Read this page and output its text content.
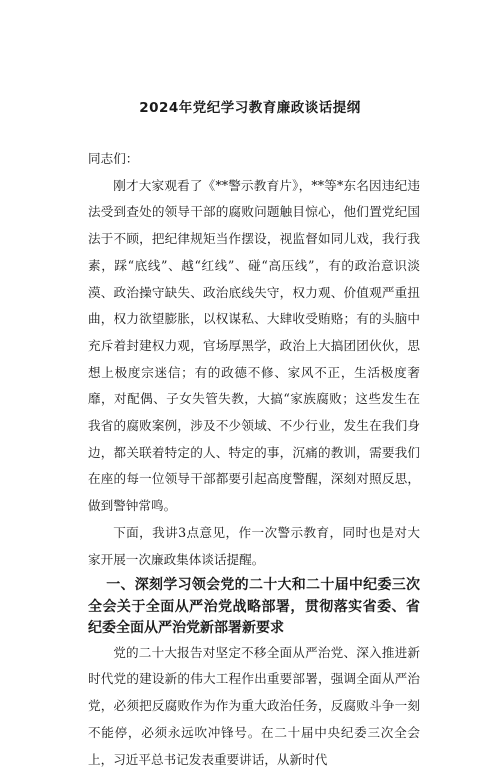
2024年党纪学习教育廉政谈话提纲

同志们：

刚才大家观看了《**警示教育片》，**等*东名因违纪违法受到查处的领导干部的腐败问题触目惊心，他们置党纪国法于不顾，把纪律规矩当作摆设，视监督如同儿戏，我行我素，踩“底线”、越“红线”、碰“高压线”，有的政治意识淡漠、政治操守缺失、政治底线失守，权力观、价值观严重扭曲，权力欲望膨胀，以权谋私、大肆收受贿赂；有的头脑中充斥着封建权力观，官场厚黑学，政治上大搞团团伙伙，思想上极度宗迷信；有的政德不修、家风不正，生活极度奢靡，对配偶、子女失管失教，大搞“家族腐败；这些发生在我省的腐败案例，涉及不少领域、不少行业，发生在我们身边，都关联着特定的人、特定的事，沉痛的教训，需要我们在座的每一位领导干部都要引起高度警醒，深刻对照反思，做到警钟常鸣。

下面，我讲3点意见，作一次警示教育，同时也是对大家开展一次廉政集体谈话提醒。

一、深刻学习领会党的二十大和二十届中纪委三次全会关于全面从严治党战略部署，贯彻落实省委、省纪委全面从严治党新部署新要求

党的二十大报告对坚定不移全面从严治党、深入推进新时代党的建设新的伟大工程作出重要部署，强调全面从严治党，必须把反腐败作为作为重大政治任务，反腐败斗争一刻不能停，必须永远吹冲锋号。在二十届中央纪委三次全会上，习近平总书记发表重要讲话，从新时代
